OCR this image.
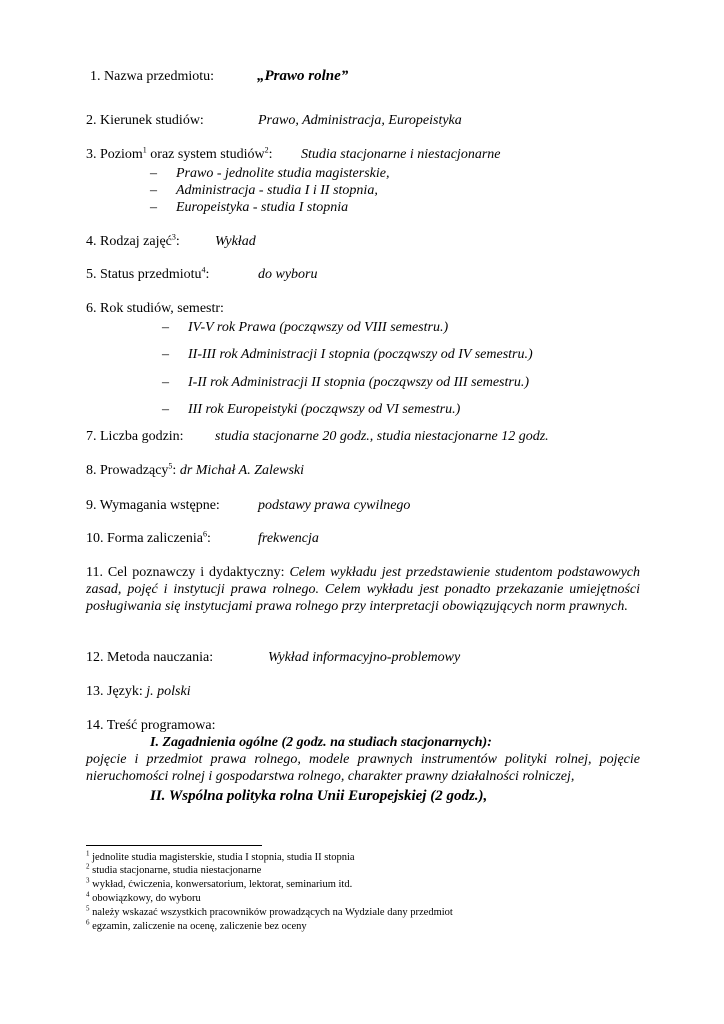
1. Nazwa przedmiotu:	„Prawo rolne”
2. Kierunek studiów:	Prawo, Administracja, Europeistyka
3. Poziom$^1$ oraz system studiów$^2$: Studia stacjonarne i niestacjonarne
– Prawo - jednolite studia magisterskie,
– Administracja - studia I i II stopnia,
– Europeistyka - studia I stopnia
4. Rodzaj zajęć$^3$:	Wykład
5. Status przedmiotu$^4$:	do wyboru
6. Rok studiów, semestr:
– IV-V rok Prawa (począwszy od VIII semestru.)
– II-III rok Administracji I stopnia (począwszy od IV semestru.)
– I-II rok Administracji II stopnia (począwszy od III semestru.)
– III rok Europeistyki (począwszy od VI semestru.)
7. Liczba godzin: studia stacjonarne 20 godz., studia niestacjonarne 12 godz.
8. Prowadzący$^5$: dr Michał A. Zalewski
9. Wymagania wstępne:	podstawy prawa cywilnego
10. Forma zaliczenia$^6$:	frekwencja
11. Cel poznawczy i dydaktyczny: Celem wykładu jest przedstawienie studentom podstawowych zasad, pojęć i instytucji prawa rolnego. Celem wykładu jest ponadto przekazanie umiejętności posługiwania się instytucjami prawa rolnego przy interpretacji obowiązujących norm prawnych.
12. Metoda nauczania:	Wykład informacyjno-problemowy
13. Język: j. polski
14. Treść programowa:
I. Zagadnienia ogólne (2 godz. na studiach stacjonarnych):
pojęcie i przedmiot prawa rolnego, modele prawnych instrumentów polityki rolnej, pojęcie nieruchomości rolnej i gospodarstwa rolnego, charakter prawny działalności rolniczej,
II. Wspólna polityka rolna Unii Europejskiej (2 godz.),
$^1$ jednolite studia magisterskie, studia I stopnia, studia II stopnia
$^2$ studia stacjonarne, studia niestacjonarne
$^3$ wykład, ćwiczenia, konwersatorium, lektorat, seminarium itd.
$^4$ obowiązkowy, do wyboru
$^5$ należy wskazać wszystkich pracowników prowadzących na Wydziale dany przedmiot
$^6$ egzamin, zaliczenie na ocenę, zaliczenie bez oceny
